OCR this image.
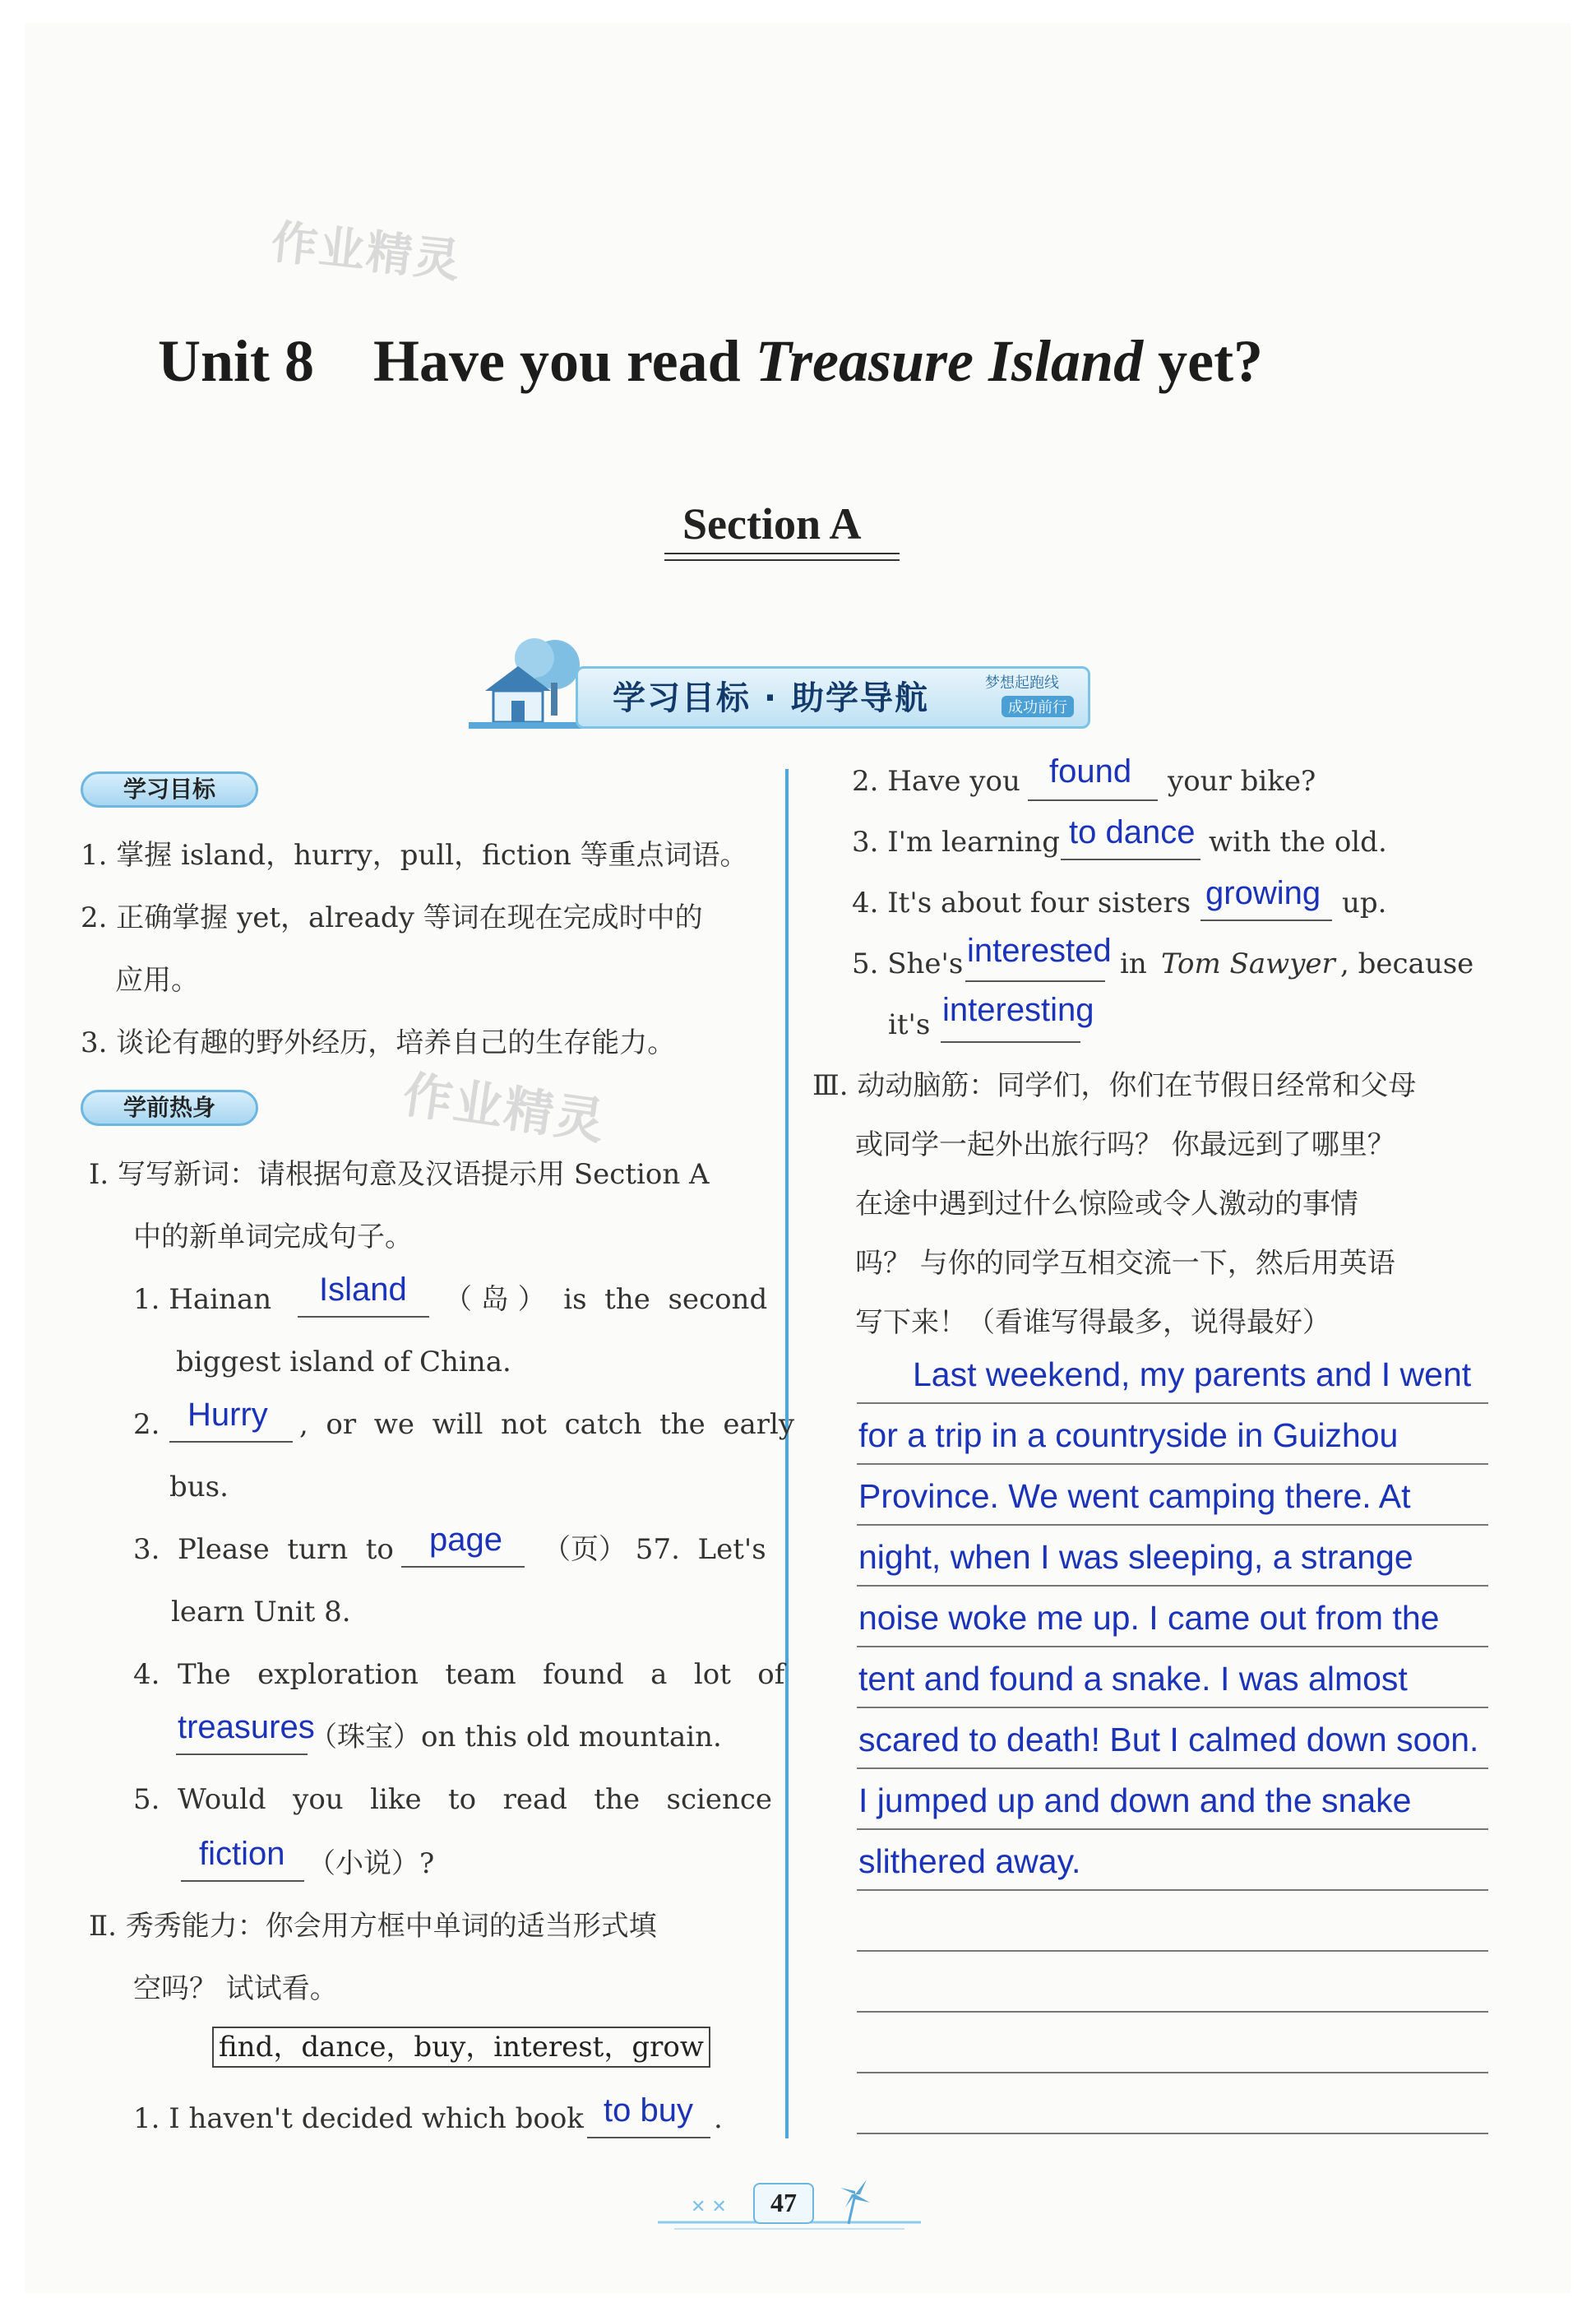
作业精灵
作业精灵
Unit 8    Have you read Treasure Island yet?
Section A
学习目标 · 助学导航	梦想起跑线
成功前行
学习目标
1. 掌握 island，hurry，pull，fiction 等重点词语。
2. 正确掌握 yet，already 等词在现在完成时中的
应用。
3. 谈论有趣的野外经历，培养自己的生存能力。
学前热身
Ⅰ. 写写新词：请根据句意及汉语提示用 Section A
中的新单词完成句子。
1. Hainan Island （ 岛 ）  is  the  second
biggest island of China.
2. Hurry ,  or  we  will  not  catch  the  early
bus.
3.  Please  turn  to page （页） 57.  Let's
learn Unit 8.
4.  The   exploration   team   found   a   lot   of
treasures
（珠宝）on this old mountain.
5.  Would   you   like   to   read   the   science
fiction （小说）?
Ⅱ. 秀秀能力：你会用方框中单词的适当形式填
空吗？ 试试看。
find，dance，buy，interest，grow
1. I haven't decided which book to buy .
2. Have you found your bike?
3. I'm learning to dance with the old.
4. It's about four sisters growing up.
5. She's interested in Tom Sawyer , because
it's interesting
Ⅲ. 动动脑筋：同学们，你们在节假日经常和父母
或同学一起外出旅行吗？ 你最远到了哪里？
在途中遇到过什么惊险或令人激动的事情
吗？ 与你的同学互相交流一下，然后用英语
写下来！（看谁写得最多，说得最好）
Last weekend, my parents and I went
for a trip in a countryside in Guizhou
Province. We went camping there. At
night, when I was sleeping, a strange
noise woke me up. I came out from the
tent and found a snake. I was almost
scared to death! But I calmed down soon.
I jumped up and down and the snake
slithered away.
✕ ✕	47
